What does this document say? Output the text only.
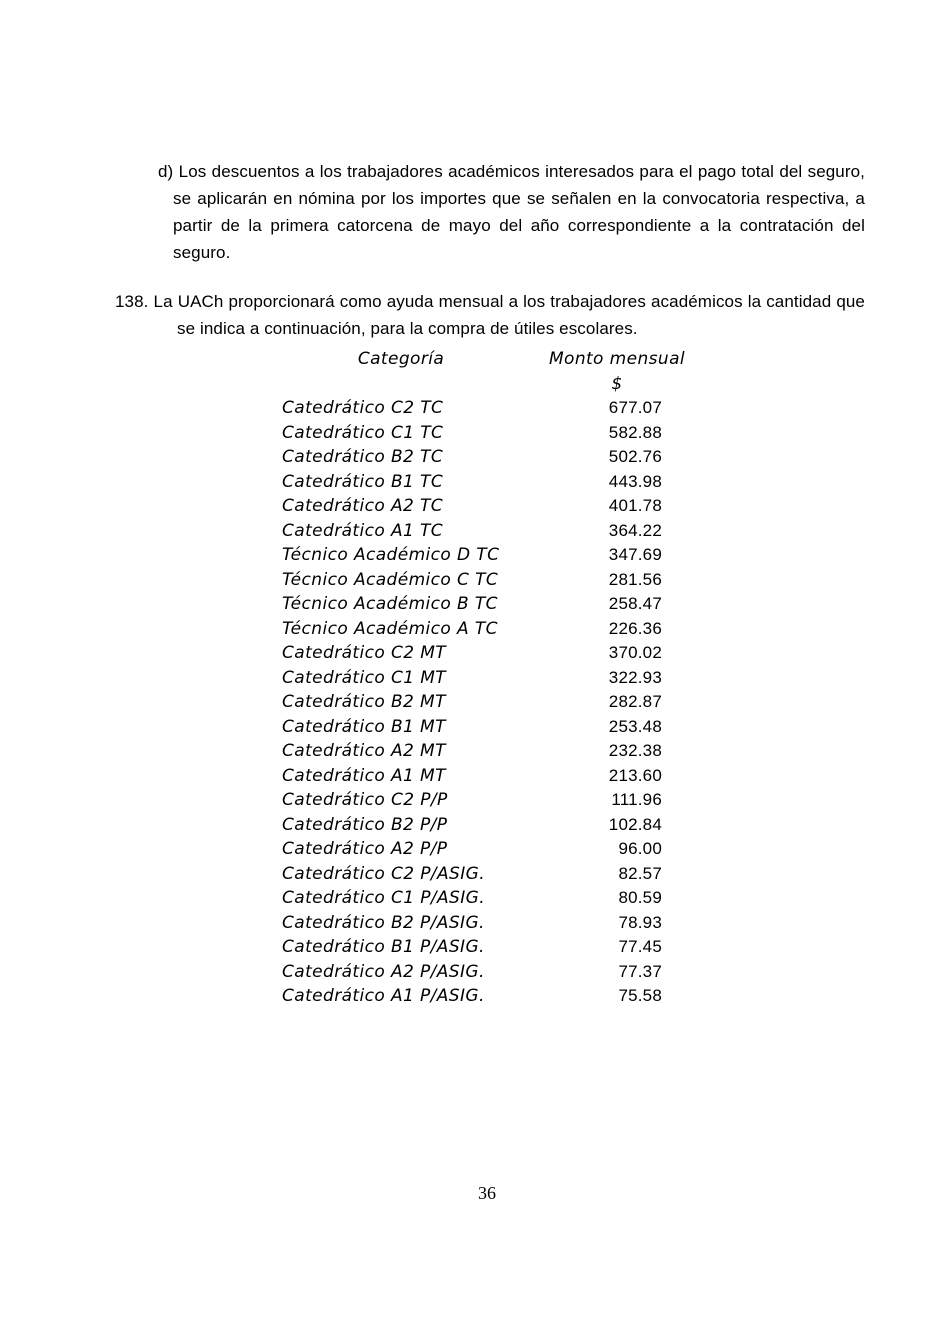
d) Los descuentos a los trabajadores académicos interesados para el pago total del seguro, se aplicarán en nómina por los importes que se señalen en la convocatoria respectiva, a partir de la primera catorcena de mayo del año correspondiente a la contratación del seguro.

138. La UACh proporcionará como ayuda mensual a los trabajadores académicos la cantidad que se indica a continuación, para la compra de útiles escolares.

Categoría	Monto mensual
$
Catedrático C2 TC	677.07
Catedrático C1 TC	582.88
Catedrático B2 TC	502.76
Catedrático B1 TC	443.98
Catedrático A2 TC	401.78
Catedrático A1 TC	364.22
Técnico Académico D TC	347.69
Técnico Académico C TC	281.56
Técnico Académico B TC	258.47
Técnico Académico A TC	226.36
Catedrático C2 MT	370.02
Catedrático C1 MT	322.93
Catedrático B2 MT	282.87
Catedrático B1 MT	253.48
Catedrático A2 MT	232.38
Catedrático A1 MT	213.60
Catedrático C2 P/P	111.96
Catedrático B2 P/P	102.84
Catedrático A2 P/P	96.00
Catedrático C2 P/ASIG.	82.57
Catedrático C1 P/ASIG.	80.59
Catedrático B2 P/ASIG.	78.93
Catedrático B1 P/ASIG.	77.45
Catedrático A2 P/ASIG.	77.37
Catedrático A1 P/ASIG.	75.58
36
